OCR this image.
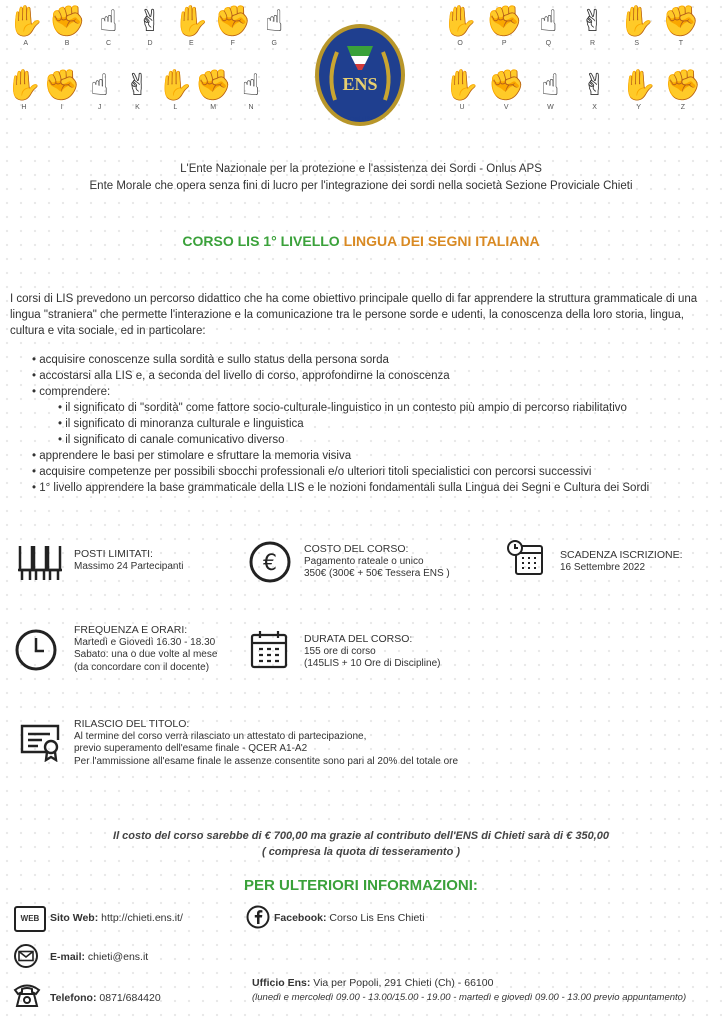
✋
A
✊
B
☝
C
✌
D
✋
E
✊
F
☝
G
✋
H
✊
I
☝
J
✌
K
✋
L
✊
M
☝
N
✋
O
✊
P
☝
Q
✌
R
✋
S
✊
T
✋
U
✊
V
☝
W
✌
X
✋
Y
✊
Z
ENS
ONLUS
L'Ente Nazionale per la protezione e l'assistenza dei Sordi - Onlus APS
Ente Morale che opera senza fini di lucro per l'integrazione dei sordi nella società Sezione Proviciale Chieti
CORSO LIS 1° LIVELLO LINGUA DEI SEGNI ITALIANA
I corsi di LIS prevedono un percorso didattico che ha come obiettivo principale quello di far apprendere la struttura grammaticale di una lingua "straniera" che permette l'interazione e la comunicazione tra le persone sorde e udenti, la conoscenza della loro storia, lingua, cultura e vita sociale, ed in particolare:
• acquisire conoscenze sulla sordità e sullo status della persona sorda
• accostarsi alla LIS e, a seconda del livello di corso, approfondirne la conoscenza
• comprendere:
• il significato di "sordità" come fattore socio-culturale-linguistico in un contesto più ampio di percorso riabilitativo
• il significato di minoranza culturale e linguistica
• il significato di canale comunicativo diverso
• apprendere le basi per stimolare e sfruttare la memoria visiva
• acquisire competenze per possibili sbocchi professionali e/o ulteriori titoli specialistici con percorsi successivi
• 1° livello apprendere la base grammaticale della LIS e le nozioni fondamentali sulla Lingua dei Segni e Cultura dei Sordi
POSTI LIMITATI:
Massimo 24 Partecipanti	€
COSTO DEL CORSO:
Pagamento rateale o unico
350€ (300€ + 50€ Tessera ENS )
SCADENZA ISCRIZIONE:
16 Settembre 2022
FREQUENZA E ORARI:
Martedì e Giovedì 16.30 - 18.30
Sabato: una o due volte al mese
(da concordare con il docente)
DURATA DEL CORSO:
155 ore di corso
(145LIS + 10 Ore di Discipline)
RILASCIO DEL TITOLO:
Al termine del corso verrà rilasciato un attestato di partecipazione,
previo superamento dell'esame finale - QCER A1-A2
Per l'ammissione all'esame finale le assenze consentite sono pari al 20% del totale ore
Il costo del corso sarebbe di € 700,00 ma grazie al contributo dell'ENS di Chieti sarà di € 350,00
( compresa la quota di tesseramento )
PER ULTERIORI INFORMAZIONI:
WEB	Sito Web: http://chieti.ens.it/	Facebook: Corso Lis Ens Chieti
E-mail: chieti@ens.it
Telefono: 0871/684420
Ufficio Ens: Via per Popoli, 291 Chieti (Ch) - 66100
(lunedì e mercoledì 09.00 - 13.00/15.00 - 19.00 - martedì e giovedì 09.00 - 13.00 previo appuntamento)
